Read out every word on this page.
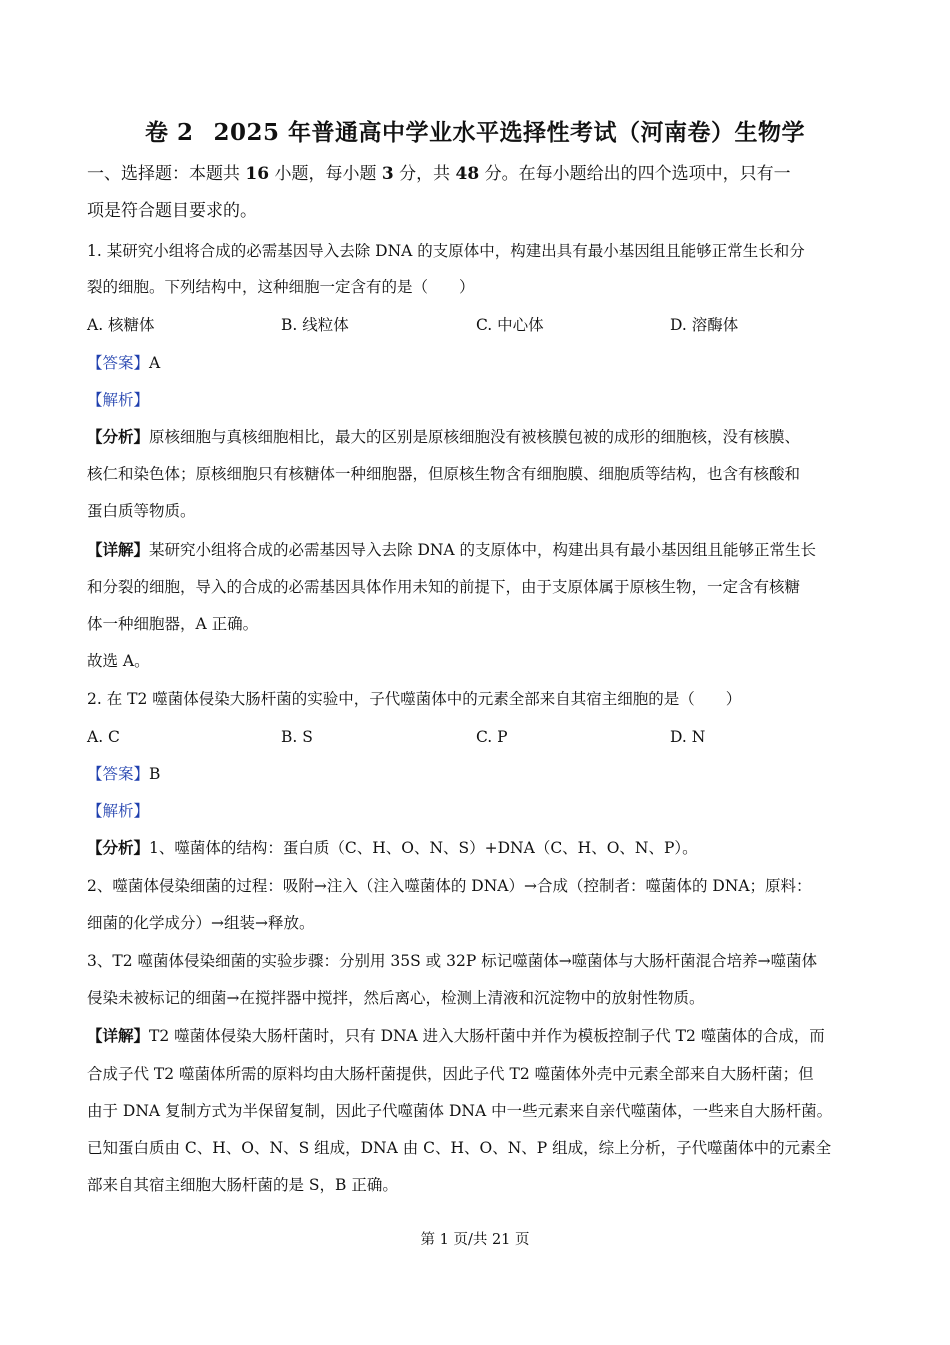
卷 2 2025 年普通高中学业水平选择性考试（河南卷）生物学
一、选择题：本题共 16 小题，每小题 3 分，共 48 分。在每小题给出的四个选项中，只有一
项是符合题目要求的。
1. 某研究小组将合成的必需基因导入去除 DNA 的支原体中，构建出具有最小基因组且能够正常生长和分
裂的细胞。下列结构中，这种细胞一定含有的是（　　）
A. 核糖体	B. 线粒体	C. 中心体	D. 溶酶体
【答案】A
【解析】
【分析】原核细胞与真核细胞相比，最大的区别是原核细胞没有被核膜包被的成形的细胞核，没有核膜、
核仁和染色体；原核细胞只有核糖体一种细胞器，但原核生物含有细胞膜、细胞质等结构，也含有核酸和
蛋白质等物质。
【详解】某研究小组将合成的必需基因导入去除 DNA 的支原体中，构建出具有最小基因组且能够正常生长
和分裂的细胞，导入的合成的必需基因具体作用未知的前提下，由于支原体属于原核生物，一定含有核糖
体一种细胞器，A 正确。
故选 A。
2. 在 T2 噬菌体侵染大肠杆菌的实验中，子代噬菌体中的元素全部来自其宿主细胞的是（　　）
A. C	B. S	C. P	D. N
【答案】B
【解析】
【分析】1、噬菌体的结构：蛋白质（C、H、O、N、S）+DNA（C、H、O、N、P）。
2、噬菌体侵染细菌的过程：吸附→注入（注入噬菌体的 DNA）→合成（控制者：噬菌体的 DNA；原料：
细菌的化学成分）→组装→释放。
3、T2 噬菌体侵染细菌的实验步骤：分别用 35S 或 32P 标记噬菌体→噬菌体与大肠杆菌混合培养→噬菌体
侵染未被标记的细菌→在搅拌器中搅拌，然后离心，检测上清液和沉淀物中的放射性物质。
【详解】T2 噬菌体侵染大肠杆菌时，只有 DNA 进入大肠杆菌中并作为模板控制子代 T2 噬菌体的合成，而
合成子代 T2 噬菌体所需的原料均由大肠杆菌提供，因此子代 T2 噬菌体外壳中元素全部来自大肠杆菌；但
由于 DNA 复制方式为半保留复制，因此子代噬菌体 DNA 中一些元素来自亲代噬菌体，一些来自大肠杆菌。
已知蛋白质由 C、H、O、N、S 组成，DNA 由 C、H、O、N、P 组成，综上分析，子代噬菌体中的元素全
部来自其宿主细胞大肠杆菌的是 S，B 正确。
第 1 页/共 21 页
